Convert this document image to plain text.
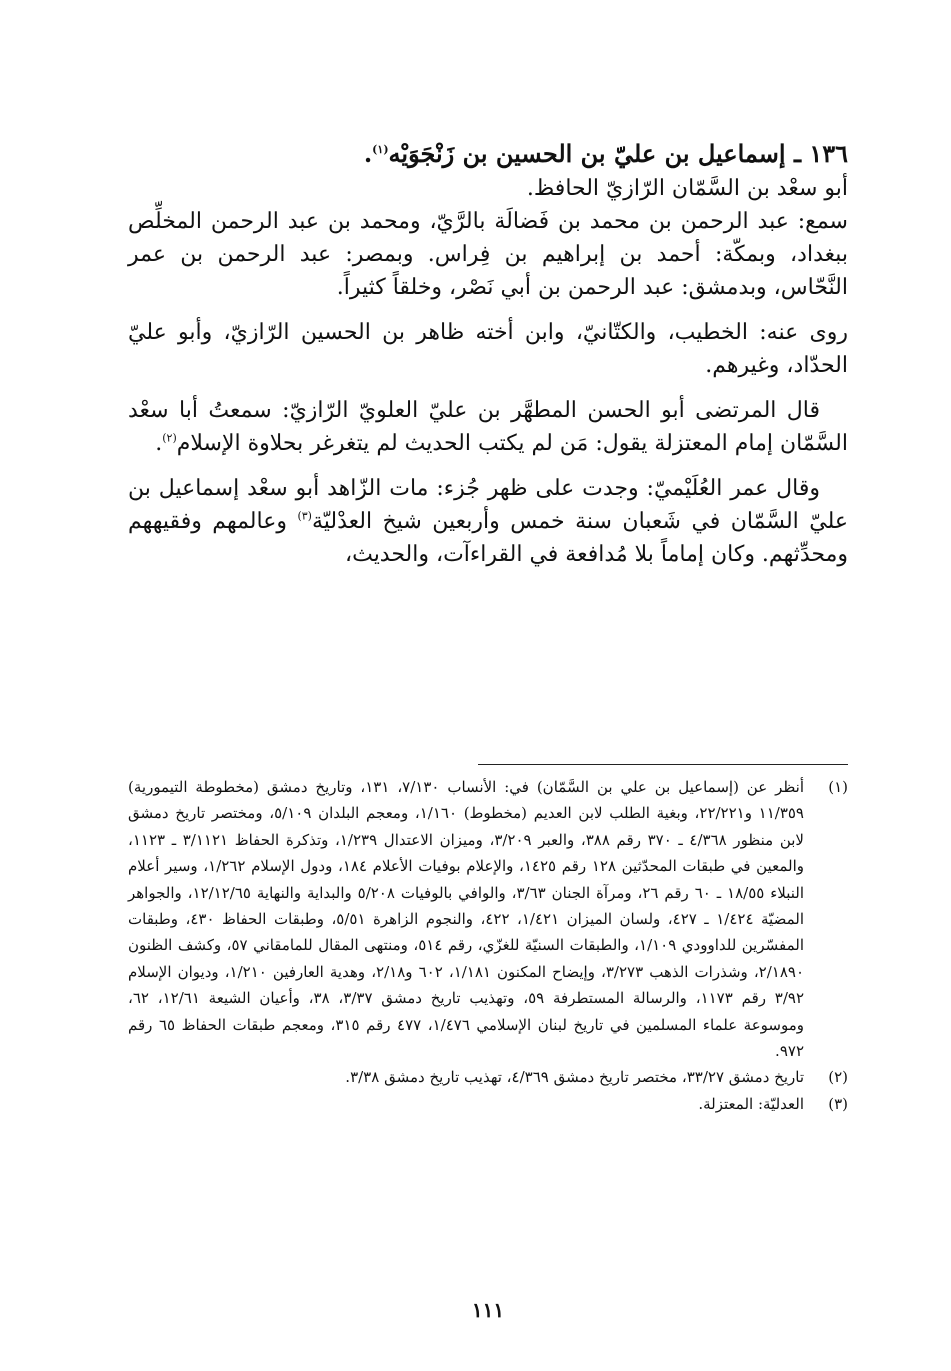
١٣٦ ـ إسماعيل بن عليّ بن الحسين بن زَنْجَوَيْه$^{(١)}$.

أبو سعْد بن السَّمّان الرّازيّ الحافظ.

سمع: عبد الرحمن بن محمد بن فَضالَة بالرَّيّ، ومحمد بن عبد الرحمن المخلِّص ببغداد، وبمكّة: أحمد بن إبراهيم بن فِراس. وبمصر: عبد الرحمن بن عمر النَّحّاس، وبدمشق: عبد الرحمن بن أبي نَصْر، وخلقاً كثيراً.

روى عنه: الخطيب، والكتّانيّ، وابن أخته ظاهر بن الحسين الرّازيّ، وأبو عليّ الحدّاد، وغيرهم.

قال المرتضى أبو الحسن المطهَّر بن عليّ العلويّ الرّازيّ: سمعتُ أبا سعْد السَّمّان إمام المعتزلة يقول: مَن لم يكتب الحديث لم يتغرغر بحلاوة الإسلام$^{(٢)}$.

وقال عمر العُلَيْميّ: وجدت على ظهر جُزء: مات الزّاهد أبو سعْد إسماعيل بن عليّ السَّمّان في شَعبان سنة خمس وأربعين شيخ العدْليّة$^{(٣)}$ وعالمهم وفقيههم ومحدِّثهم. وكان إماماً بلا مُدافعة في القراءآت، والحديث،

(١)
أنظر عن (إسماعيل بن علي بن السَّمّان) في: الأنساب ٧/١٣٠، ١٣١، وتاريخ دمشق (مخطوطة التيمورية) ١١/٣٥٩ و٢٢/٢٢١، وبغية الطلب لابن العديم (مخطوط) ١/١٦٠، ومعجم البلدان ٥/١٠٩، ومختصر تاريخ دمشق لابن منظور ٤/٣٦٨ ـ ٣٧٠ رقم ٣٨٨، والعبر ٣/٢٠٩، وميزان الاعتدال ١/٢٣٩، وتذكرة الحفاظ ٣/١١٢١ ـ ١١٢٣، والمعين في طبقات المحدّثين ١٢٨ رقم ١٤٢٥، والإعلام بوفيات الأعلام ١٨٤، ودول الإسلام ١/٢٦٢، وسير أعلام النبلاء ١٨/٥٥ ـ ٦٠ رقم ٢٦، ومرآة الجنان ٣/٦٣، والوافي بالوفيات ٥/٢٠٨ والبداية والنهاية ١٢/١٢/٦٥، والجواهر المضيّة ١/٤٢٤ ـ ٤٢٧، ولسان الميزان ١/٤٢١، ٤٢٢، والنجوم الزاهرة ٥/٥١، وطبقات الحفاظ ٤٣٠، وطبقات المفسّرين للداوودي ١/١٠٩، والطبقات السنيّة للغزّي، رقم ٥١٤، ومنتهى المقال للمامقاني ٥٧، وكشف الظنون ٢/١٨٩٠، وشذرات الذهب ٣/٢٧٣، وإيضاح المكنون ١/١٨١، ٦٠٢ و٢/١٨، وهدية العارفين ١/٢١٠، وديوان الإسلام ٣/٩٢ رقم ١١٧٣، والرسالة المستطرفة ٥٩، وتهذيب تاريخ دمشق ٣/٣٧، ٣٨، وأعيان الشيعة ١٢/٦١، ٦٢، وموسوعة علماء المسلمين في تاريخ لبنان الإسلامي ١/٤٧٦، ٤٧٧ رقم ٣١٥، ومعجم طبقات الحفاظ ٦٥ رقم ٩٧٢.
(٢)
تاريخ دمشق ٣٣/٢٧، مختصر تاريخ دمشق ٤/٣٦٩، تهذيب تاريخ دمشق ٣/٣٨.
(٣)
العدليّة: المعتزلة.
١١١
